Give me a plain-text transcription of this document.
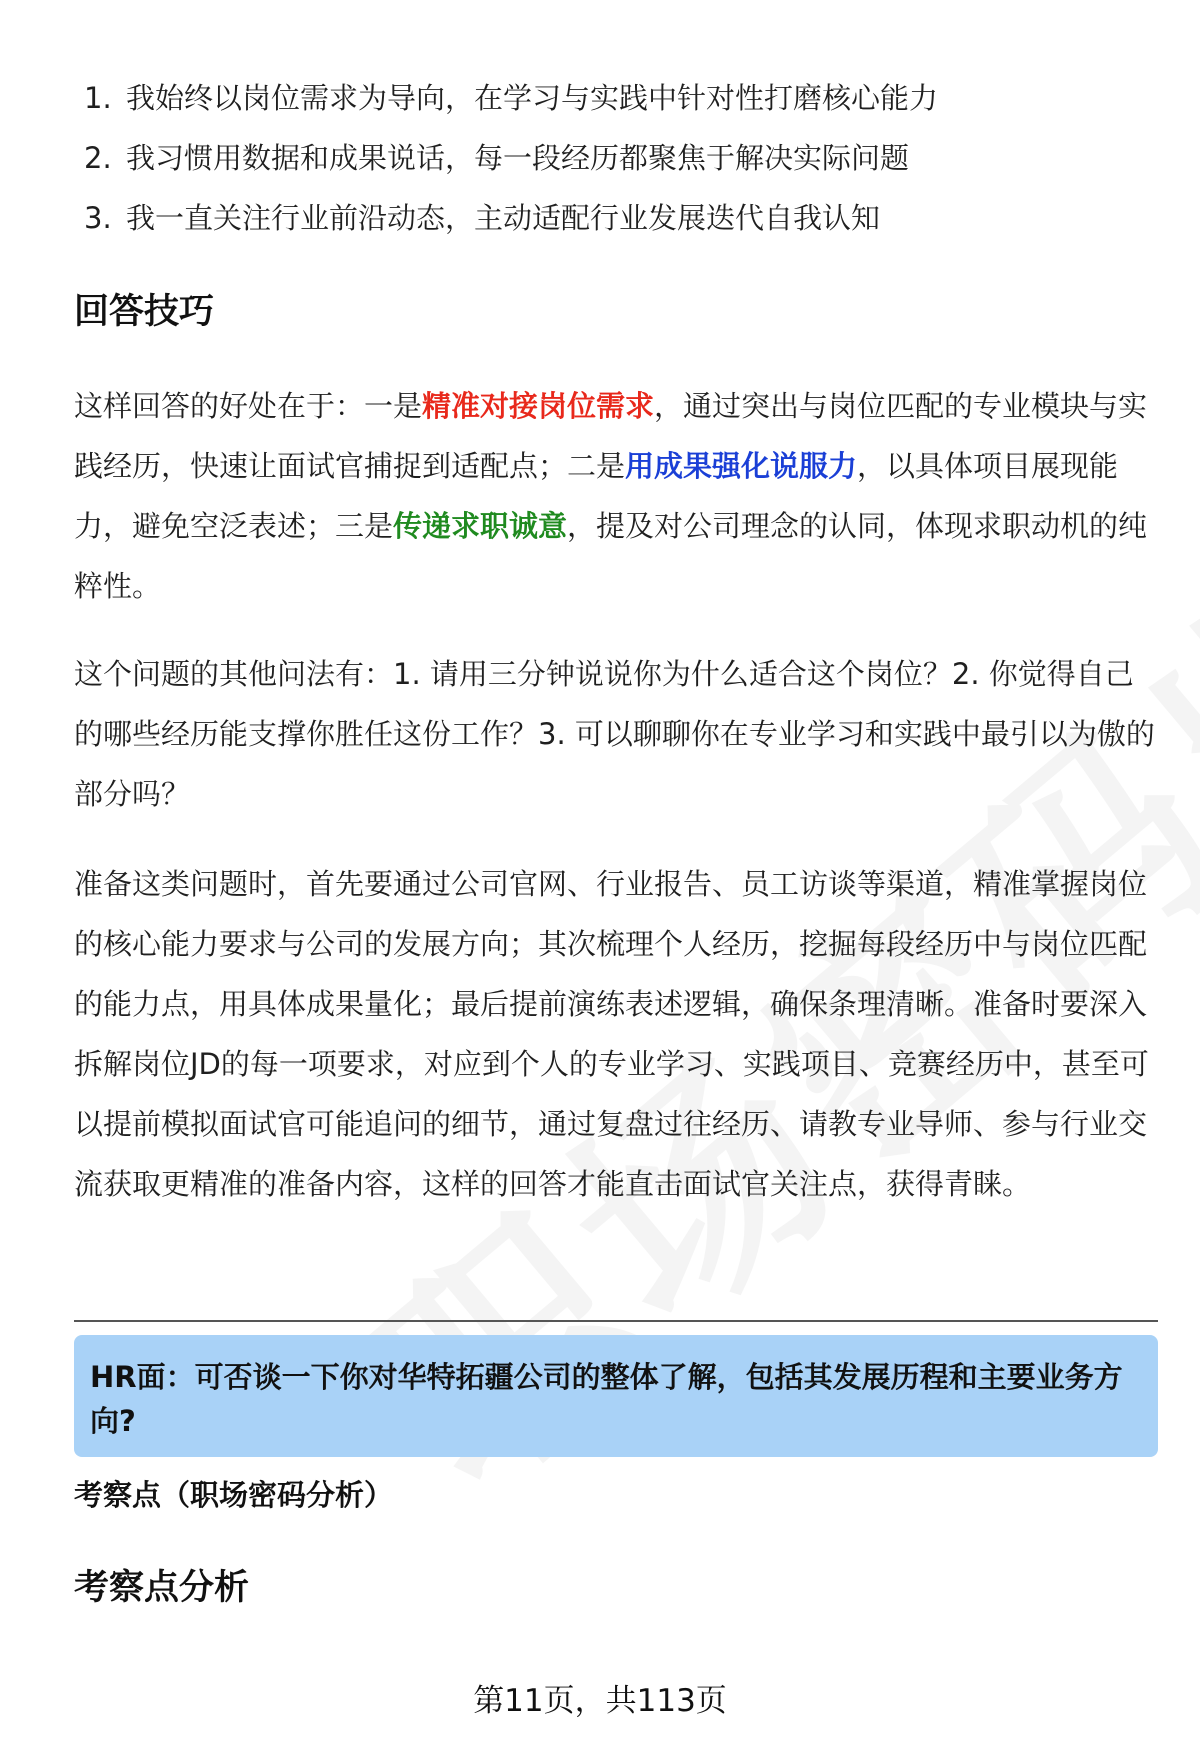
1. 我始终以岗位需求为导向，在学习与实践中针对性打磨核心能力
2. 我习惯用数据和成果说话，每一段经历都聚焦于解决实际问题
3. 我一直关注行业前沿动态，主动适配行业发展迭代自我认知
回答技巧

这样回答的好处在于：一是精准对接岗位需求，通过突出与岗位匹配的专业模块与实践经历，快速让面试官捕捉到适配点；二是用成果强化说服力，以具体项目展现能力，避免空泛表述；三是传递求职诚意，提及对公司理念的认同，体现求职动机的纯粹性。

这个问题的其他问法有：1. 请用三分钟说说你为什么适合这个岗位？2. 你觉得自己的哪些经历能支撑你胜任这份工作？3. 可以聊聊你在专业学习和实践中最引以为傲的部分吗？

准备这类问题时，首先要通过公司官网、行业报告、员工访谈等渠道，精准掌握岗位的核心能力要求与公司的发展方向；其次梳理个人经历，挖掘每段经历中与岗位匹配的能力点，用具体成果量化；最后提前演练表述逻辑，确保条理清晰。准备时要深入拆解岗位JD的每一项要求，对应到个人的专业学习、实践项目、竞赛经历中，甚至可以提前模拟面试官可能追问的细节，通过复盘过往经历、请教专业导师、参与行业交流获取更精准的准备内容，这样的回答才能直击面试官关注点，获得青睐。

HR面：可否谈一下你对华特拓疆公司的整体了解，包括其发展历程和主要业务方向?
考察点（职场密码分析）
考察点分析
第11页，共113页
